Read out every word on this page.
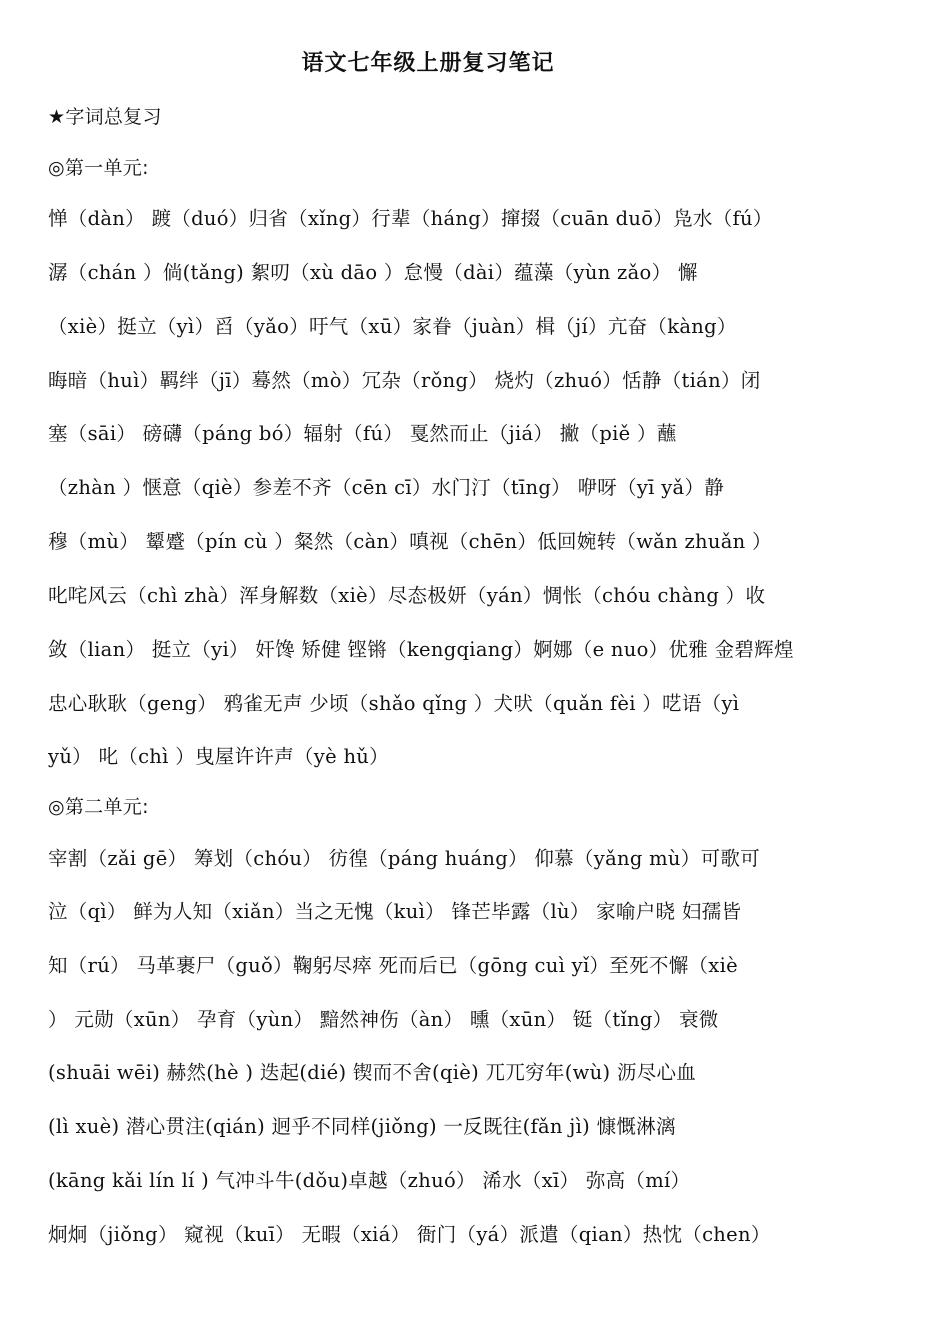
语文七年级上册复习笔记
★字词总复习
◎第一单元:
惮（dàn） 踱（duó）归省（xǐng）行辈（háng）撺掇（cuān duō）凫水（fú）
潺（chán ）倘(tǎng) 絮叨（xù dāo ）怠慢（dài）蕴藻（yùn zǎo） 懈
（xiè）挺立（yì）舀（yǎo）吁气（xū）家眷（juàn）楫（jí）亢奋（kàng）
晦暗（huì）羁绊（jī）蓦然（mò）冗杂（rǒng） 烧灼（zhuó）恬静（tián）闭
塞（sāi） 磅礴（páng bó）辐射（fú） 戛然而止（jiá） 撇（piě ）蘸
（zhàn ）惬意（qiè）参差不齐（cēn cī）水门汀（tīng） 咿呀（yī yǎ）静
穆（mù） 颦蹙（pín cù ）粲然（càn）嗔视（chēn）低回婉转（wǎn zhuǎn ）
叱咤风云（chì zhà）浑身解数（xiè）尽态极妍（yán）惆怅（chóu chàng ）收
敛（lian） 挺立（yi） 奸馋 矫健 铿锵（kengqiang）婀娜（e nuo）优雅 金碧辉煌
忠心耿耿（geng） 鸦雀无声 少顷（shǎo qǐng ）犬吠（quǎn fèi ）呓语（yì
yǔ） 叱（chì ）曳屋许许声（yè hǔ）
◎第二单元:
宰割（zǎi gē） 筹划（chóu） 彷徨（páng huáng） 仰慕（yǎng mù）可歌可
泣（qì） 鲜为人知（xiǎn）当之无愧（kuì） 锋芒毕露（lù） 家喻户晓 妇孺皆
知（rú） 马革裹尸（guǒ）鞠躬尽瘁 死而后已（gōng cuì yǐ）至死不懈（xiè
） 元勋（xūn） 孕育（yùn） 黯然神伤（àn） 曛（xūn） 铤（tǐng） 衰微
(shuāi wēi) 赫然(hè ) 迭起(dié) 锲而不舍(qiè) 兀兀穷年(wù) 沥尽心血
(lì xuè) 潜心贯注(qián) 迥乎不同样(jiǒng) 一反既往(fǎn jì) 慷慨淋漓
(kāng kǎi lín lí ) 气冲斗牛(dǒu)卓越（zhuó） 浠水（xī） 弥高（mí）
炯炯（jiǒng） 窥视（kuī） 无暇（xiá） 衙门（yá）派遣（qian）热忱（chen）
